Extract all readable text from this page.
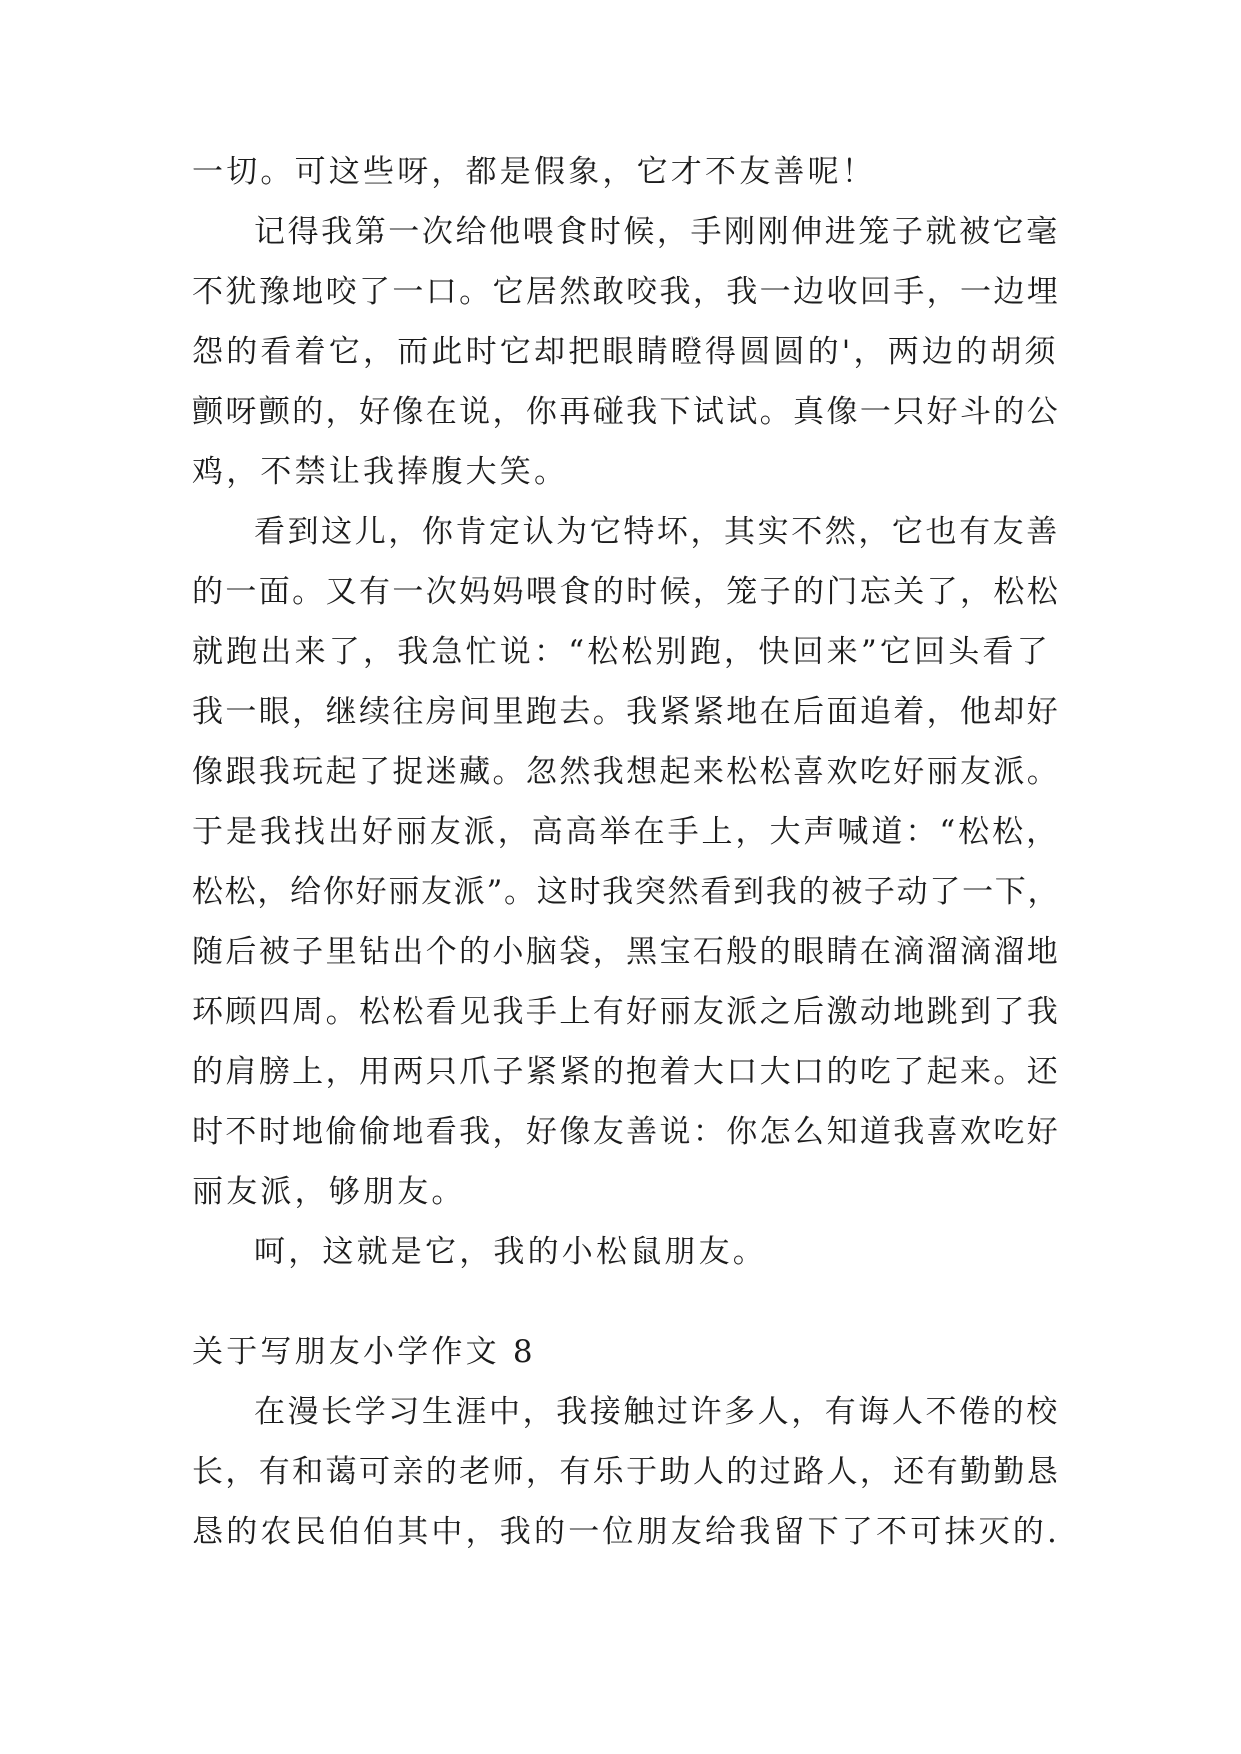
一切。可这些呀，都是假象，它才不友善呢！
记得我第一次给他喂食时候，手刚刚伸进笼子就被它毫
不犹豫地咬了一口。它居然敢咬我，我一边收回手，一边埋
怨的看着它，而此时它却把眼睛瞪得圆圆的'，两边的胡须
颤呀颤的，好像在说，你再碰我下试试。真像一只好斗的公
鸡，不禁让我捧腹大笑。
看到这儿，你肯定认为它特坏，其实不然，它也有友善
的一面。又有一次妈妈喂食的时候，笼子的门忘关了，松松
就跑出来了，我急忙说：“松松别跑，快回来”它回头看了
我一眼，继续往房间里跑去。我紧紧地在后面追着，他却好
像跟我玩起了捉迷藏。忽然我想起来松松喜欢吃好丽友派。
于是我找出好丽友派，高高举在手上，大声喊道：“松松，
松松，给你好丽友派”。这时我突然看到我的被子动了一下，
随后被子里钻出个的小脑袋，黑宝石般的眼睛在滴溜滴溜地
环顾四周。松松看见我手上有好丽友派之后激动地跳到了我
的肩膀上，用两只爪子紧紧的抱着大口大口的吃了起来。还
时不时地偷偷地看我，好像友善说：你怎么知道我喜欢吃好
丽友派，够朋友。
呵，这就是它，我的小松鼠朋友。
关于写朋友小学作文 8
在漫长学习生涯中，我接触过许多人，有诲人不倦的校
长，有和蔼可亲的老师，有乐于助人的过路人，还有勤勤恳
恳的农民伯伯其中，我的一位朋友给我留下了不可抹灭的.
